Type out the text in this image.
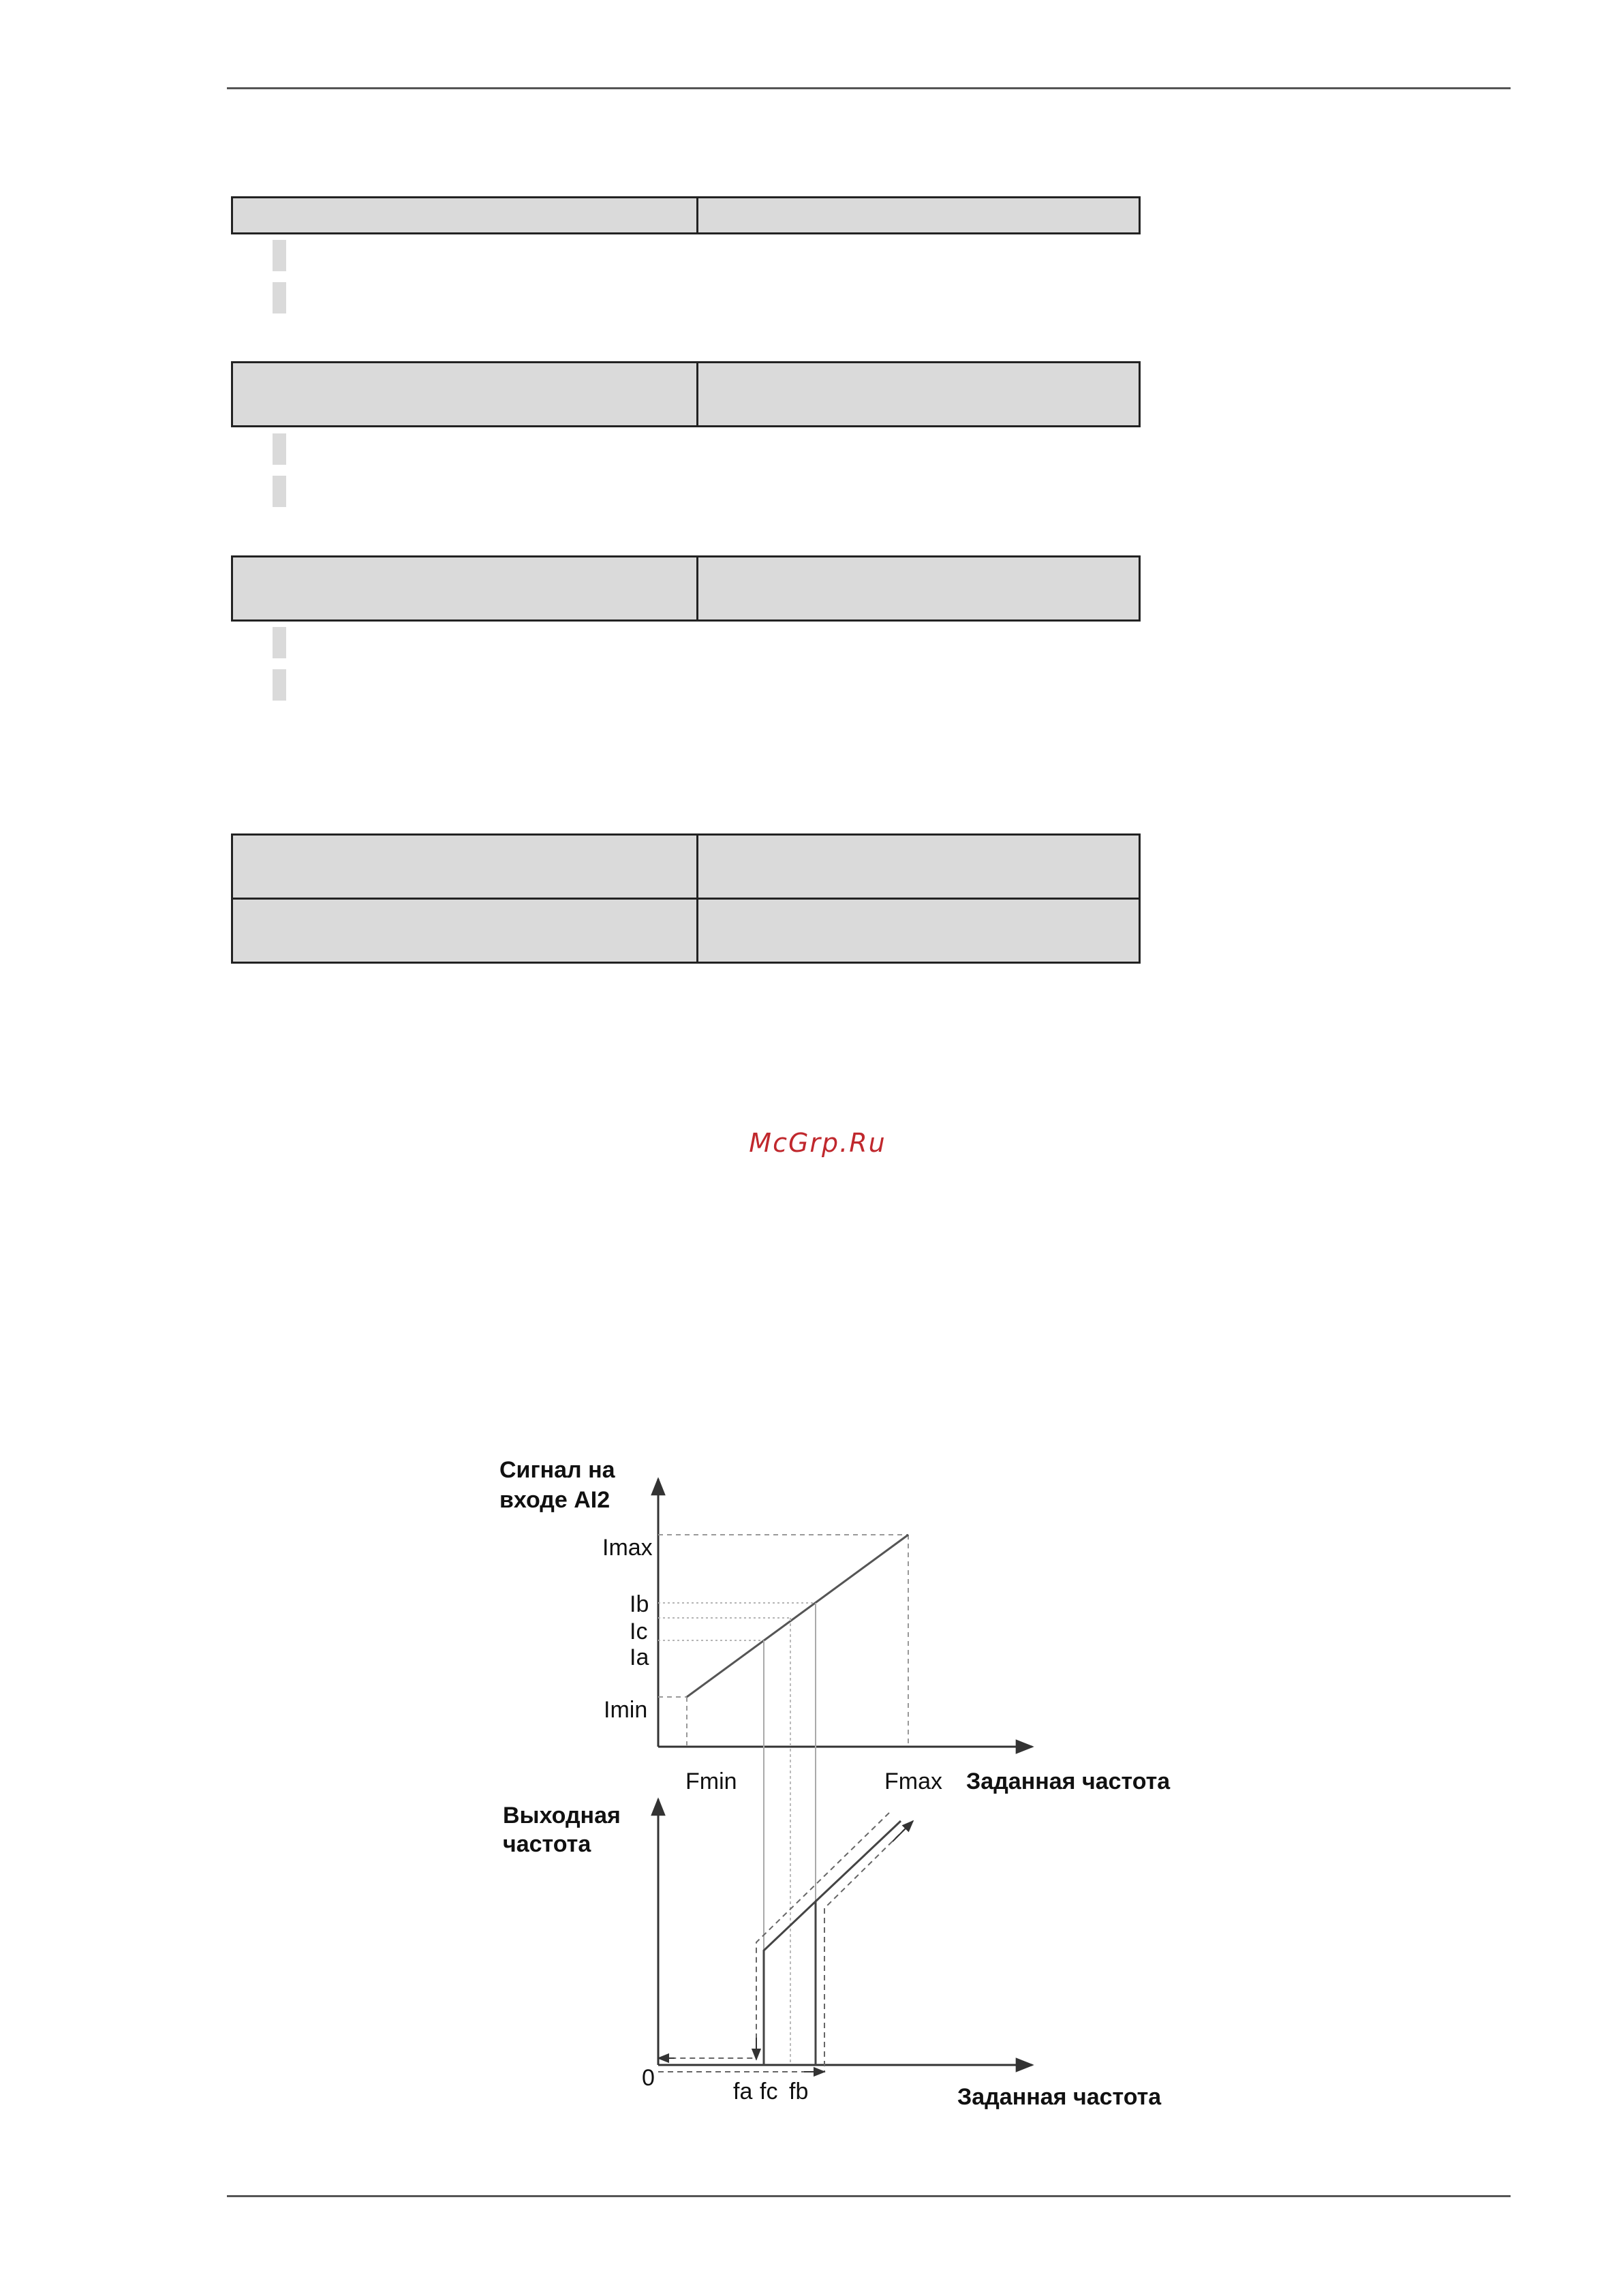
McGrp.Ru
Сигнал на
входе AI2
Imax
Ib
Ic
Ia
Imin
Fmin	Fmax Заданная частота
Выходная
частота
0
fa fc fb	Заданная частота
